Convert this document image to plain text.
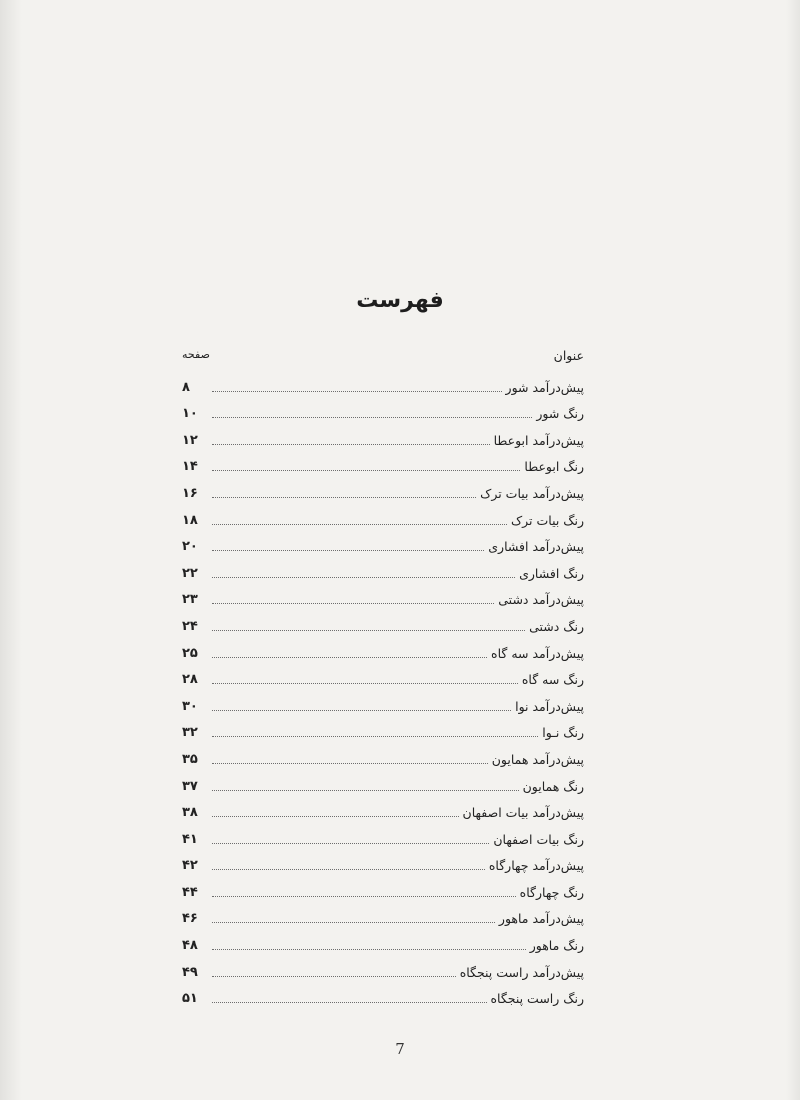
فهرست
عنوان
صفحه
پیش‌درآمد شور
۸
رنگ شور
۱۰
پیش‌درآمد ابوعطا
۱۲
رنگ ابوعطا
۱۴
پیش‌درآمد بیات ترک
۱۶
رنگ بیات ترک
۱۸
پیش‌درآمد افشاری
۲۰
رنگ افشاری
۲۲
پیش‌درآمد دشتی
۲۳
رنگ دشتی
۲۴
پیش‌درآمد سه گاه
۲۵
رنگ سه گاه
۲۸
پیش‌درآمد نوا
۳۰
رنگ نـوا
۳۲
پیش‌درآمد همایون
۳۵
رنگ همایون
۳۷
پیش‌درآمد بیات اصفهان
۳۸
رنگ بیات اصفهان
۴۱
پیش‌درآمد چهارگاه
۴۲
رنگ چهارگاه
۴۴
پیش‌درآمد ماهور
۴۶
رنگ ماهور
۴۸
پیش‌درآمد راست پنجگاه
۴۹
رنگ راست پنجگاه
۵۱
7
